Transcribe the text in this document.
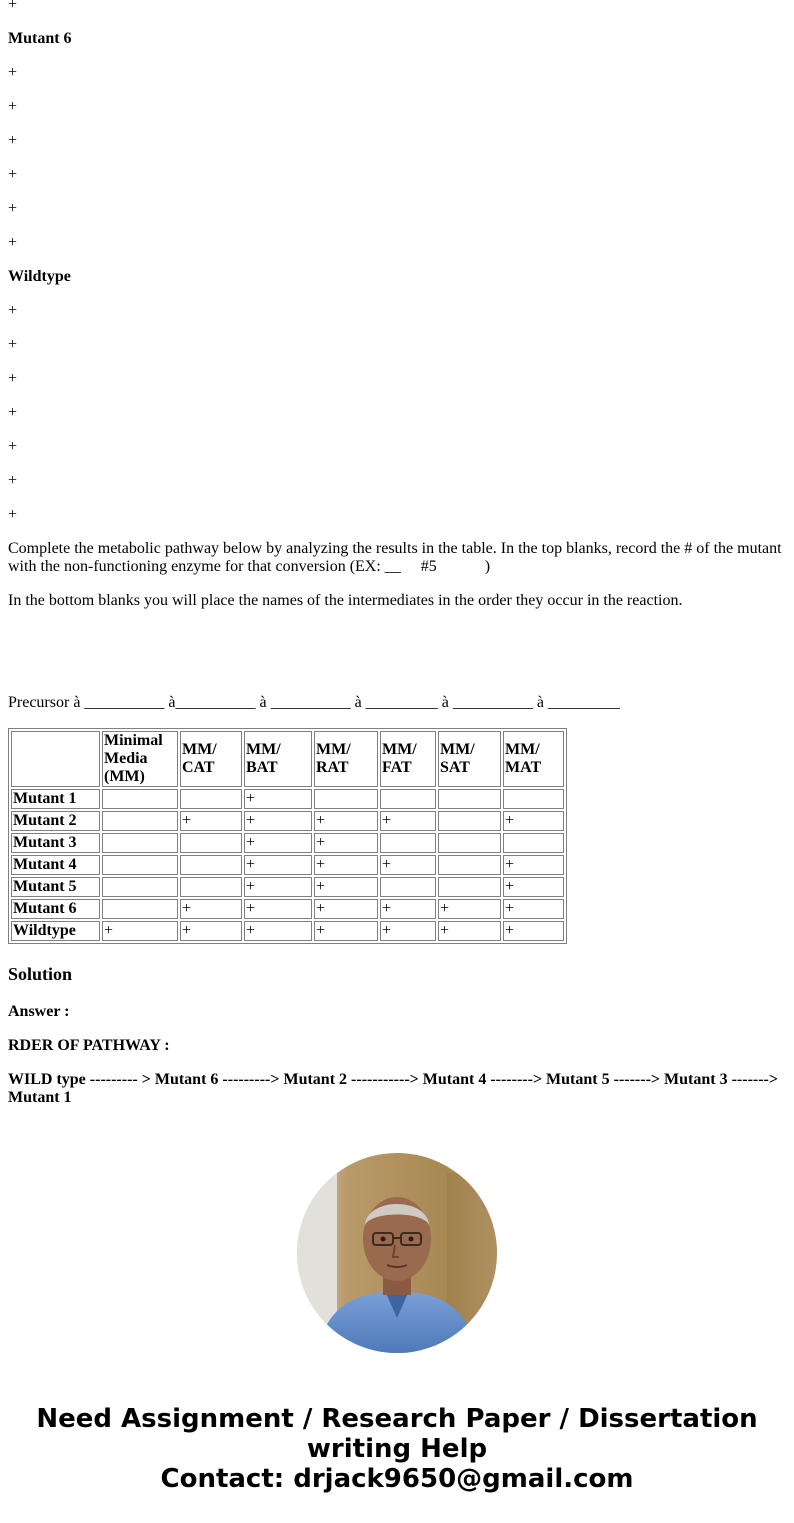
+

Mutant 6

+

+

+

+

+

+

Wildtype

+

+

+

+

+

+

+

Complete the metabolic pathway below by analyzing the results in the table. In the top blanks, record the # of the mutant with the non-functioning enzyme for that conversion (EX: __     #5            )

In the bottom blanks you will place the names of the intermediates in the order they occur in the reaction.

Precursor à __________ à__________ à __________ à _________ à __________ à _________

	Minimal Media (MM)	MM/ CAT	MM/ BAT	MM/ RAT	MM/ FAT	MM/ SAT	MM/ MAT
Mutant 1			+				
Mutant 2		+	+	+	+		+
Mutant 3			+	+			
Mutant 4			+	+	+		+
Mutant 5			+	+			+
Mutant 6		+	+	+	+	+	+
Wildtype	+	+	+	+	+	+	+
Solution

Answer :

RDER OF PATHWAY :

WILD type --------- > Mutant 6 ---------> Mutant 2 -----------> Mutant 4 --------> Mutant 5 -------> Mutant 3 -------> Mutant 1

Need Assignment / Research Paper / Dissertation
writing Help
Contact: drjack9650@gmail.com
